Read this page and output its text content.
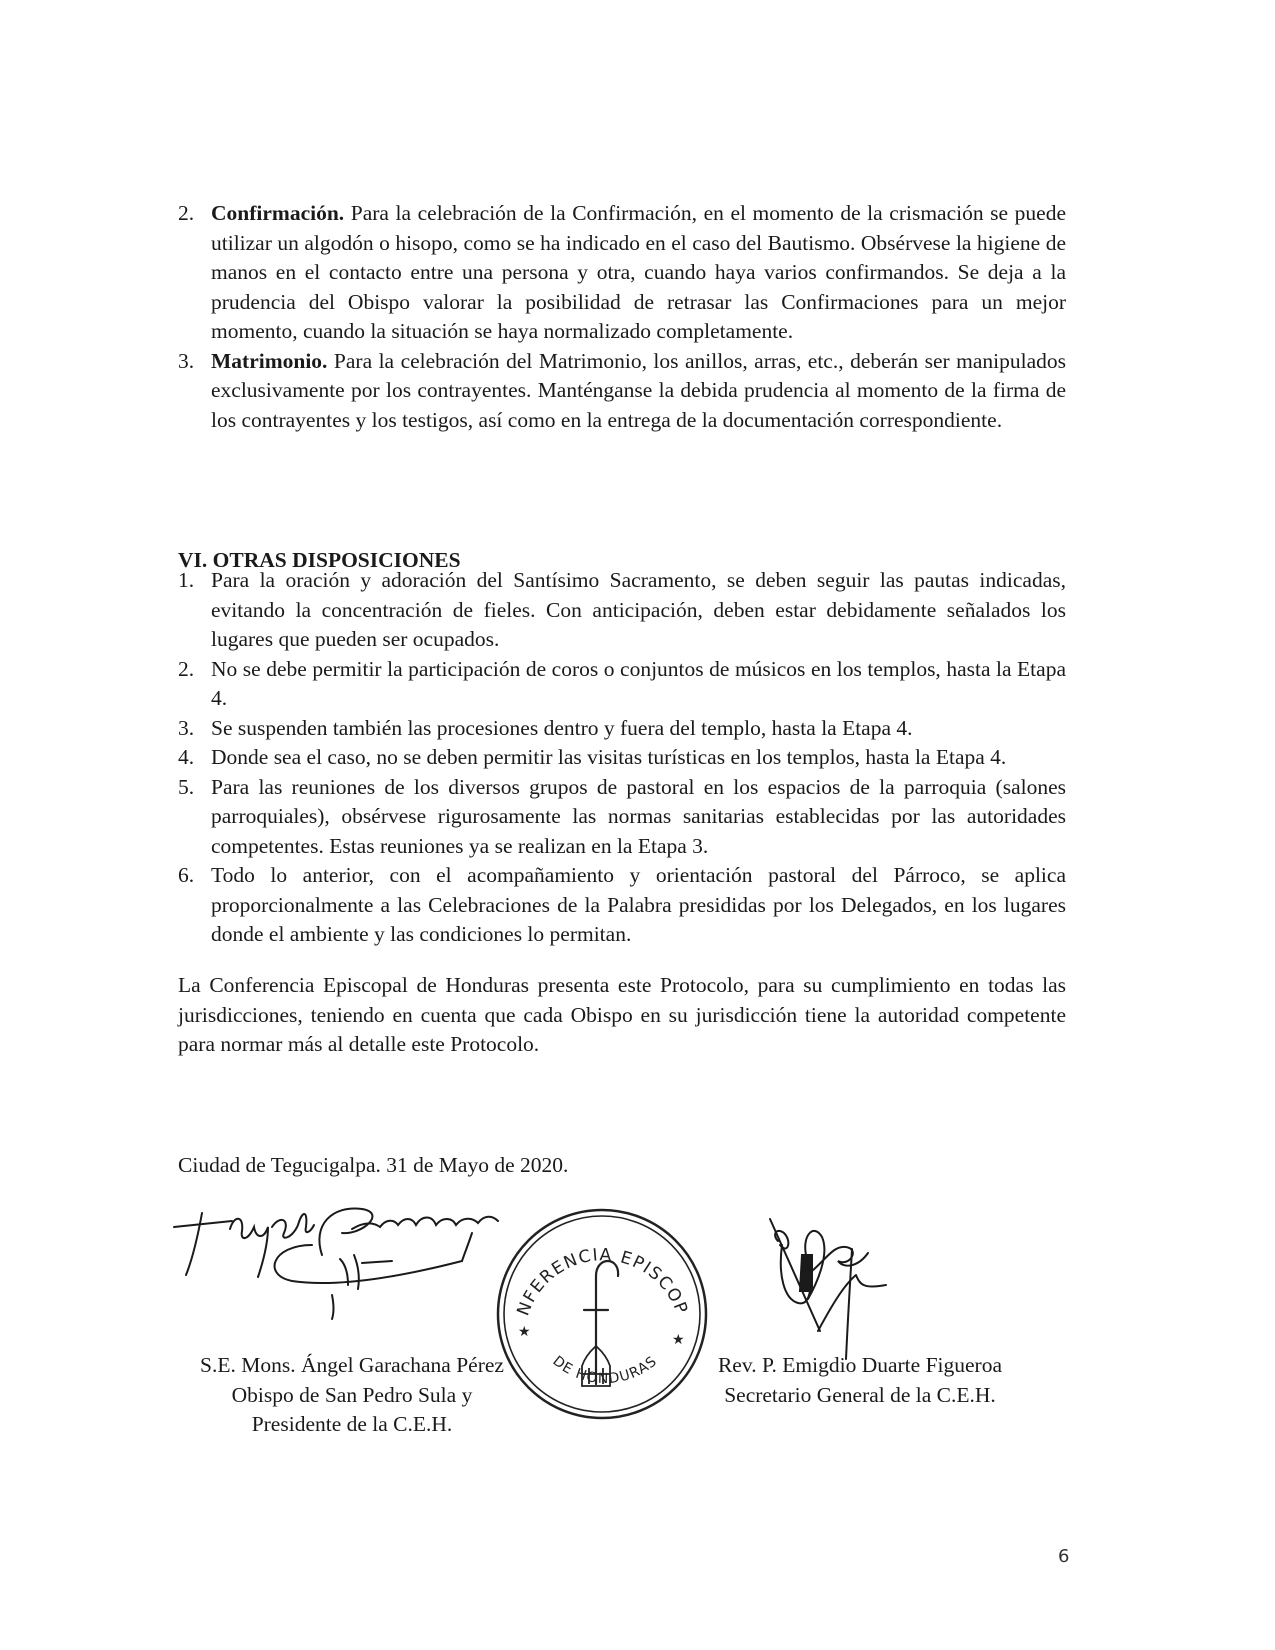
2. Confirmación. Para la celebración de la Confirmación, en el momento de la crismación se puede utilizar un algodón o hisopo, como se ha indicado en el caso del Bautismo. Obsérvese la higiene de manos en el contacto entre una persona y otra, cuando haya varios confirmandos. Se deja a la prudencia del Obispo valorar la posibilidad de retrasar las Confirmaciones para un mejor momento, cuando la situación se haya normalizado completamente.
3. Matrimonio. Para la celebración del Matrimonio, los anillos, arras, etc., deberán ser manipulados exclusivamente por los contrayentes. Manténganse la debida prudencia al momento de la firma de los contrayentes y los testigos, así como en la entrega de la documentación correspondiente.
VI. OTRAS DISPOSICIONES
1. Para la oración y adoración del Santísimo Sacramento, se deben seguir las pautas indicadas, evitando la concentración de fieles. Con anticipación, deben estar debidamente señalados los lugares que pueden ser ocupados.
2. No se debe permitir la participación de coros o conjuntos de músicos en los templos, hasta la Etapa 4.
3. Se suspenden también las procesiones dentro y fuera del templo, hasta la Etapa 4.
4. Donde sea el caso, no se deben permitir las visitas turísticas en los templos, hasta la Etapa 4.
5. Para las reuniones de los diversos grupos de pastoral en los espacios de la parroquia (salones parroquiales), obsérvese rigurosamente las normas sanitarias establecidas por las autoridades competentes. Estas reuniones ya se realizan en la Etapa 3.
6. Todo lo anterior, con el acompañamiento y orientación pastoral del Párroco, se aplica proporcionalmente a las Celebraciones de la Palabra presididas por los Delegados, en los lugares donde el ambiente y las condiciones lo permitan.

La Conferencia Episcopal de Honduras presenta este Protocolo, para su cumplimiento en todas las jurisdicciones, teniendo en cuenta que cada Obispo en su jurisdicción tiene la autoridad competente para normar más al detalle este Protocolo.

Ciudad de Tegucigalpa. 31 de Mayo de 2020.
CONFERENCIA EPISCOPAL
DE HONDURAS
★	★
S.E. Mons. Ángel Garachana Pérez
Obispo de San Pedro Sula y
Presidente de la C.E.H.
Rev. P. Emigdio Duarte Figueroa
Secretario General de la C.E.H.
6
